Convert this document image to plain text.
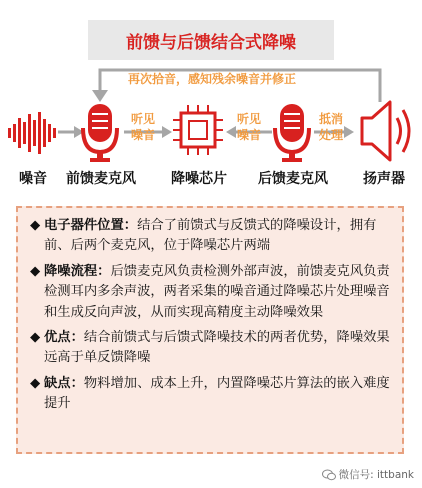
前馈与后馈结合式降噪
再次拾音，感知残余噪音并修正
听见
噪音
听见
噪音
抵消
处理
噪音	前馈麦克风	降噪芯片	后馈麦克风	扬声器
◆ 电子器件位置：结合了前馈式与反馈式的降噪设计，拥有前、后两个麦克风，位于降噪芯片两端
◆ 降噪流程：后馈麦克风负责检测外部声波，前馈麦克风负责检测耳内多余声波，两者采集的噪音通过降噪芯片处理噪音和生成反向声波，从而实现高精度主动降噪效果
◆ 优点：结合前馈式与后馈式降噪技术的两者优势，降噪效果远高于单反馈降噪
◆ 缺点：物料增加、成本上升，内置降噪芯片算法的嵌入难度提升
微信号: ittbank
